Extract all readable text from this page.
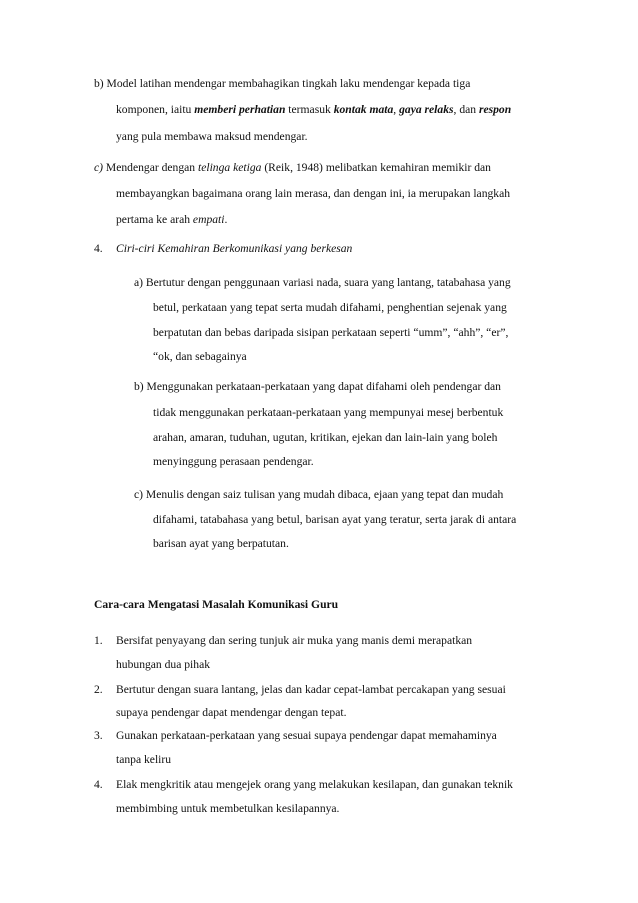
b) Model latihan mendengar membahagikan tingkah laku mendengar kepada tiga
komponen, iaitu memberi perhatian termasuk kontak mata, gaya relaks, dan respon
yang pula membawa maksud mendengar.
c) Mendengar dengan telinga ketiga (Reik, 1948) melibatkan kemahiran memikir dan
membayangkan bagaimana orang lain merasa, dan dengan ini, ia merupakan langkah
pertama ke arah empati.
4. Ciri-ciri Kemahiran Berkomunikasi yang berkesan
a) Bertutur dengan penggunaan variasi nada, suara yang lantang, tatabahasa yang
betul, perkataan yang tepat serta mudah difahami, penghentian sejenak yang
berpatutan dan bebas daripada sisipan perkataan seperti “umm”, “ahh”, “er”,
“ok, dan sebagainya
b) Menggunakan perkataan-perkataan yang dapat difahami oleh pendengar dan
tidak menggunakan perkataan-perkataan yang mempunyai mesej berbentuk
arahan, amaran, tuduhan, ugutan, kritikan, ejekan dan lain-lain yang boleh
menyinggung perasaan pendengar.
c) Menulis dengan saiz tulisan yang mudah dibaca, ejaan yang tepat dan mudah
difahami, tatabahasa yang betul, barisan ayat yang teratur, serta jarak di antara
barisan ayat yang berpatutan.
Cara-cara Mengatasi Masalah Komunikasi Guru
1. Bersifat penyayang dan sering tunjuk air muka yang manis demi merapatkan
hubungan dua pihak
2. Bertutur dengan suara lantang, jelas dan kadar cepat-lambat percakapan yang sesuai
supaya pendengar dapat mendengar dengan tepat.
3. Gunakan perkataan-perkataan yang sesuai supaya pendengar dapat memahaminya
tanpa keliru
4. Elak mengkritik atau mengejek orang yang melakukan kesilapan, dan gunakan teknik
membimbing untuk membetulkan kesilapannya.
